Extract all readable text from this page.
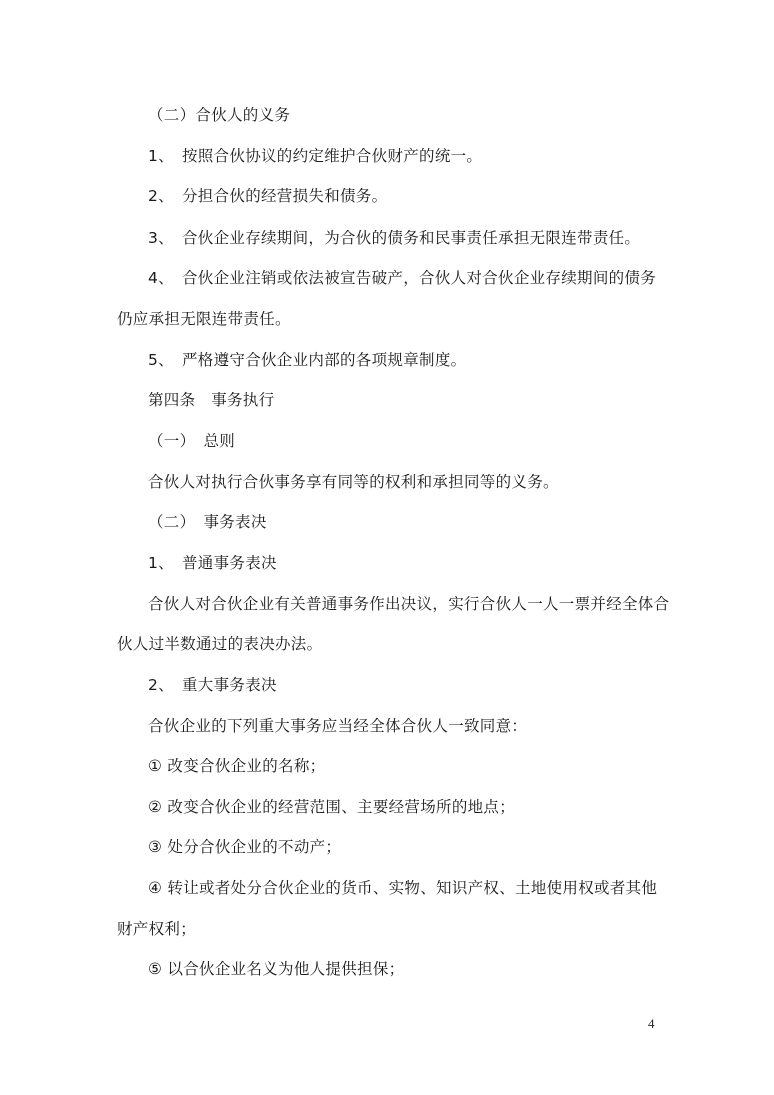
（二）合伙人的义务
1、　按照合伙协议的约定维护合伙财产的统一。
2、　分担合伙的经营损失和债务。
3、　合伙企业存续期间，为合伙的债务和民事责任承担无限连带责任。
4、　合伙企业注销或依法被宣告破产，合伙人对合伙企业存续期间的债务
仍应承担无限连带责任。
5、　严格遵守合伙企业内部的各项规章制度。
第四条　事务执行
（一）　总则
合伙人对执行合伙事务享有同等的权利和承担同等的义务。
（二）　事务表决
1、　普通事务表决
合伙人对合伙企业有关普通事务作出决议，实行合伙人一人一票并经全体合
伙人过半数通过的表决办法。
2、　重大事务表决
合伙企业的下列重大事务应当经全体合伙人一致同意：
① 改变合伙企业的名称；
② 改变合伙企业的经营范围、主要经营场所的地点；
③ 处分合伙企业的不动产；
④ 转让或者处分合伙企业的货币、实物、知识产权、土地使用权或者其他
财产权利；
⑤ 以合伙企业名义为他人提供担保；
4
